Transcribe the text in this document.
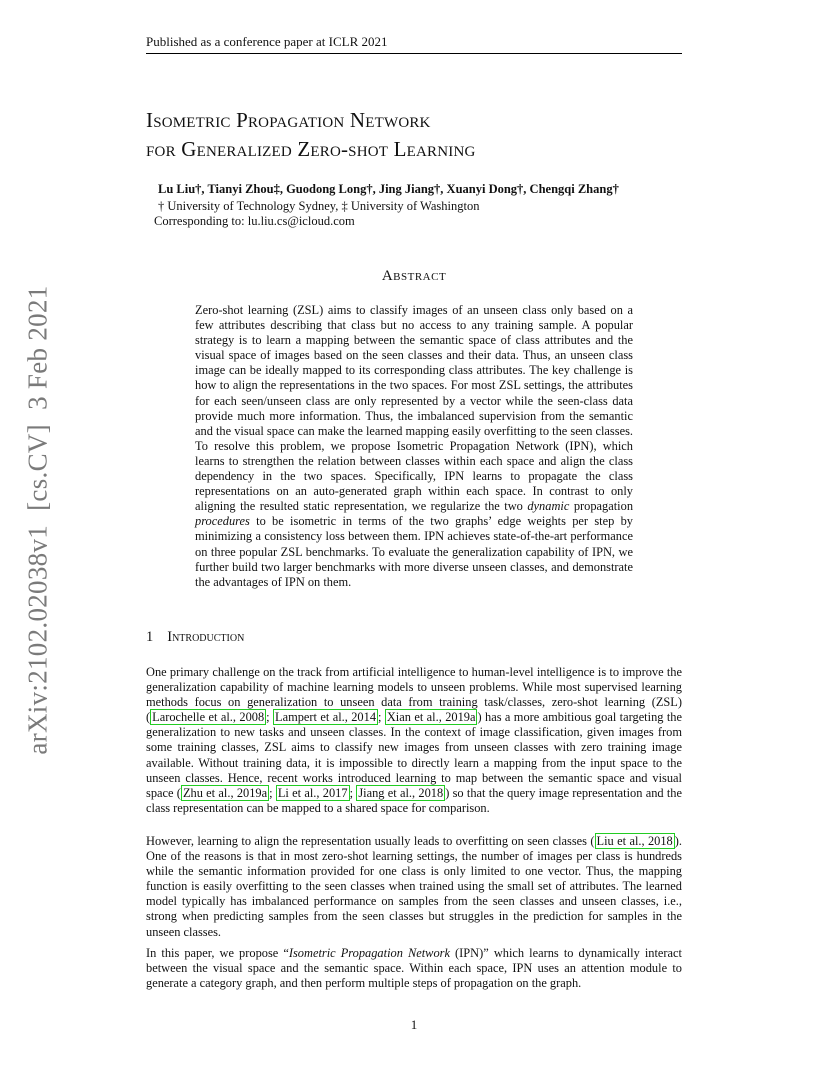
Published as a conference paper at ICLR 2021
Isometric Propagation Network
for Generalized Zero-shot Learning
Lu Liu†, Tianyi Zhou‡, Guodong Long†, Jing Jiang†, Xuanyi Dong†, Chengqi Zhang†
† University of Technology Sydney, ‡ University of Washington
Corresponding to: lu.liu.cs@icloud.com
Abstract
Zero-shot learning (ZSL) aims to classify images of an unseen class only based on a few attributes describing that class but no access to any training sample. A popular strategy is to learn a mapping between the semantic space of class attributes and the visual space of images based on the seen classes and their data. Thus, an unseen class image can be ideally mapped to its corresponding class attributes. The key challenge is how to align the representations in the two spaces. For most ZSL settings, the attributes for each seen/unseen class are only represented by a vector while the seen-class data provide much more information. Thus, the imbalanced supervision from the semantic and the visual space can make the learned mapping easily overfitting to the seen classes. To resolve this problem, we propose Isometric Propagation Network (IPN), which learns to strengthen the relation between classes within each space and align the class dependency in the two spaces. Specifically, IPN learns to propagate the class representations on an auto-generated graph within each space. In contrast to only aligning the resulted static representation, we regularize the two dynamic propagation procedures to be isometric in terms of the two graphs’ edge weights per step by minimizing a consistency loss between them. IPN achieves state-of-the-art performance on three popular ZSL benchmarks. To evaluate the generalization capability of IPN, we further build two larger benchmarks with more diverse unseen classes, and demonstrate the advantages of IPN on them.
1 Introduction
One primary challenge on the track from artificial intelligence to human-level intelligence is to improve the generalization capability of machine learning models to unseen problems. While most supervised learning methods focus on generalization to unseen data from training task/classes, zero-shot learning (ZSL) ( Larochelle et al., 2008 ; Lampert et al., 2014 ; Xian et al., 2019a ) has a more ambitious goal targeting the generalization to new tasks and unseen classes. In the context of image classification, given images from some training classes, ZSL aims to classify new images from unseen classes with zero training image available. Without training data, it is impossible to directly learn a mapping from the input space to the unseen classes. Hence, recent works introduced learning to map between the semantic space and visual space ( Zhu et al., 2019a ; Li et al., 2017 ; Jiang et al., 2018 ) so that the query image representation and the class representation can be mapped to a shared space for comparison.
However, learning to align the representation usually leads to overfitting on seen classes ( Liu et al., 2018 ). One of the reasons is that in most zero-shot learning settings, the number of images per class is hundreds while the semantic information provided for one class is only limited to one vector. Thus, the mapping function is easily overfitting to the seen classes when trained using the small set of attributes. The learned model typically has imbalanced performance on samples from the seen classes and unseen classes, i.e., strong when predicting samples from the seen classes but struggles in the prediction for samples in the unseen classes.
In this paper, we propose “Isometric Propagation Network (IPN)” which learns to dynamically interact between the visual space and the semantic space. Within each space, IPN uses an attention module to generate a category graph, and then perform multiple steps of propagation on the graph.
1
arXiv:2102.02038v1  [cs.CV]  3 Feb 2021
